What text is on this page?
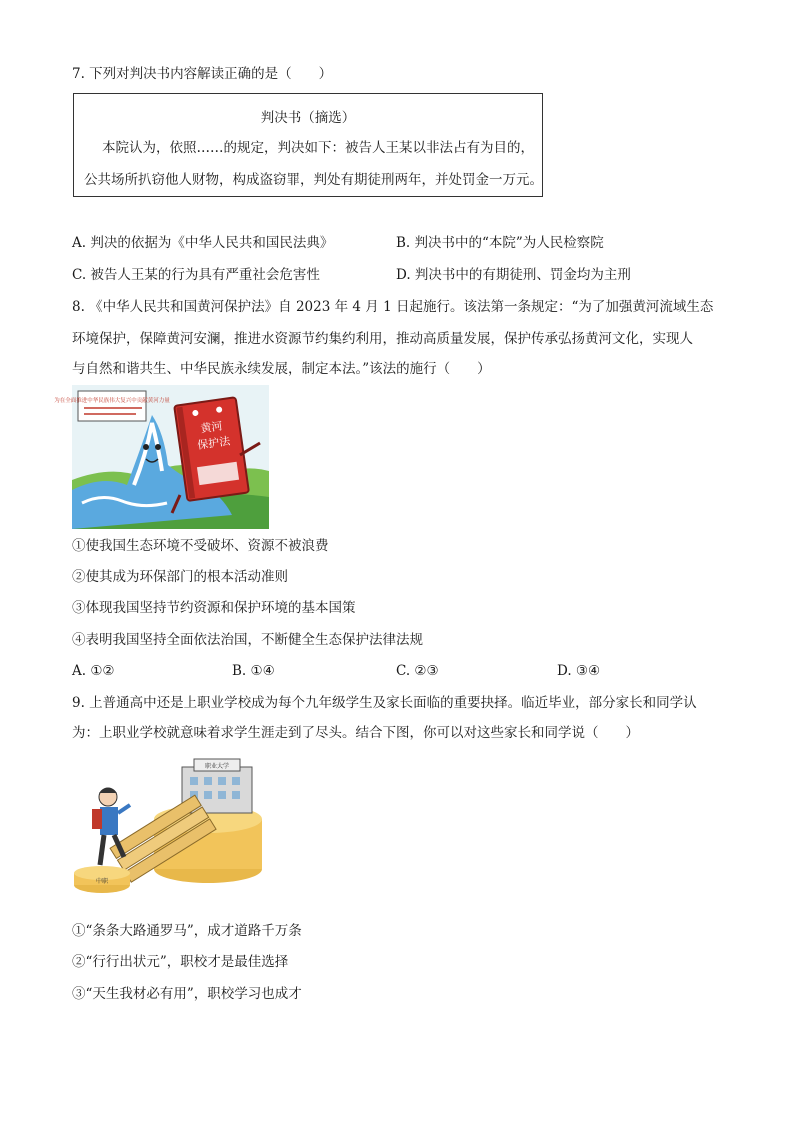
7. 下列对判决书内容解读正确的是（　　）
判决书（摘选）
本院认为，依照……的规定，判决如下：被告人王某以非法占有为目的，
公共场所扒窃他人财物，构成盗窃罪，判处有期徒刑两年，并处罚金一万元。
A. 判决的依据为《中华人民共和国民法典》	B. 判决书中的“本院”为人民检察院
C. 被告人王某的行为具有严重社会危害性	D. 判决书中的有期徒刑、罚金均为主刑
8. 《中华人民共和国黄河保护法》自 2023 年 4 月 1 日起施行。该法第一条规定：“为了加强黄河流域生态
环境保护，保障黄河安澜，推进水资源节约集约利用，推动高质量发展，保护传承弘扬黄河文化，实现人
与自然和谐共生、中华民族永续发展，制定本法。”该法的施行（　　）
为在全面推进中华民族伟大复兴中贡献黄河力量
黄河
保护法
①使我国生态环境不受破坏、资源不被浪费
②使其成为环保部门的根本活动准则
③体现我国坚持节约资源和保护环境的基本国策
④表明我国坚持全面依法治国，不断健全生态保护法律法规
A. ①②	B. ①④	C. ②③	D. ③④
9. 上普通高中还是上职业学校成为每个九年级学生及家长面临的重要抉择。临近毕业，部分家长和同学认
为：上职业学校就意味着求学生涯走到了尽头。结合下图，你可以对这些家长和同学说（　　）
职业大学
中职
①“条条大路通罗马”，成才道路千万条
②“行行出状元”，职校才是最佳选择
③“天生我材必有用”，职校学习也成才
